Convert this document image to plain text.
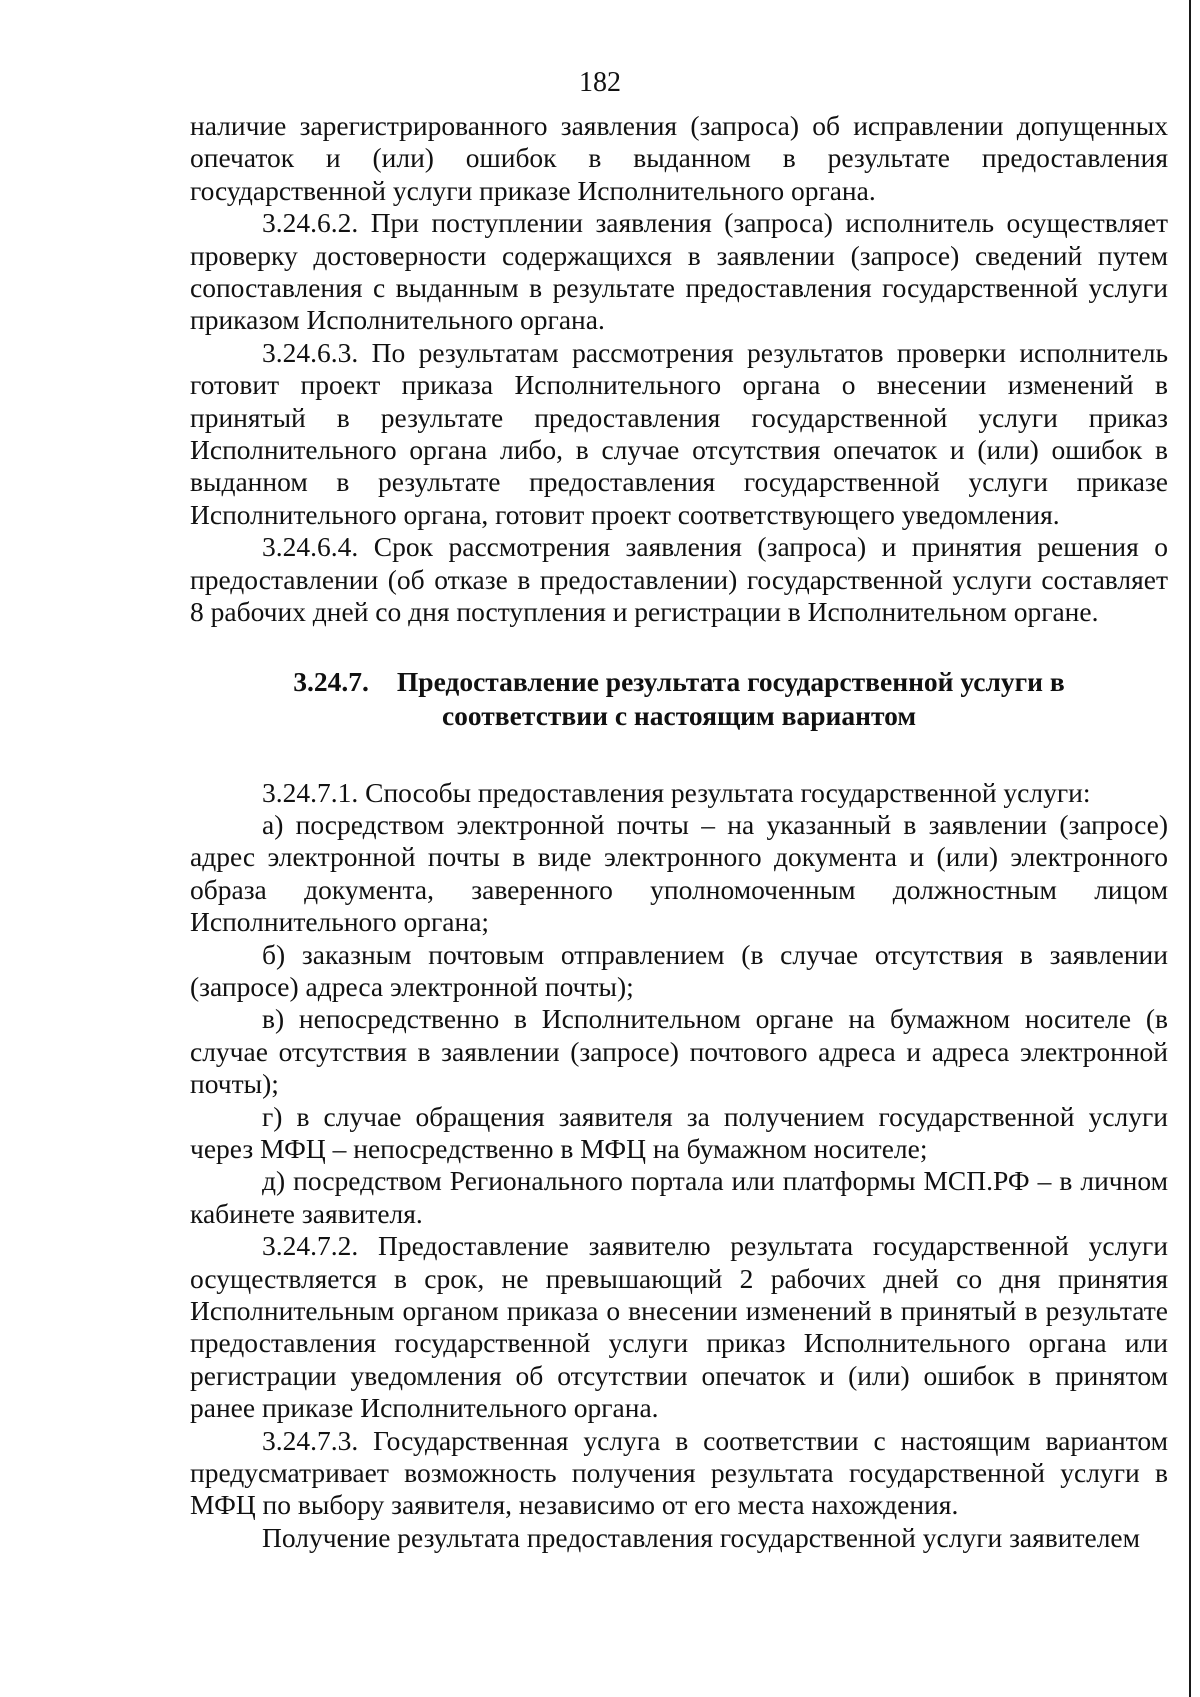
182

наличие зарегистрированного заявления (запроса) об исправлении допущенных опечаток и (или) ошибок в выданном в результате предоставления государственной услуги приказе Исполнительного органа.

3.24.6.2. При поступлении заявления (запроса) исполнитель осуществляет проверку достоверности содержащихся в заявлении (запросе) сведений путем сопоставления с выданным в результате предоставления государственной услуги приказом Исполнительного органа.

3.24.6.3. По результатам рассмотрения результатов проверки исполнитель готовит проект приказа Исполнительного органа о внесении изменений в принятый в результате предоставления государственной услуги приказ Исполнительного органа либо, в случае отсутствия опечаток и (или) ошибок в выданном в результате предоставления государственной услуги приказе Исполнительного органа, готовит проект соответствующего уведомления.

3.24.6.4. Срок рассмотрения заявления (запроса) и принятия решения о предоставлении (об отказе в предоставлении) государственной услуги составляет 8 рабочих дней со дня поступления и регистрации в Исполнительном органе.

3.24.7. Предоставление результата государственной услуги в
соответствии с настоящим вариантом

3.24.7.1. Способы предоставления результата государственной услуги:

а) посредством электронной почты – на указанный в заявлении (запросе) адрес электронной почты в виде электронного документа и (или) электронного образа документа, заверенного уполномоченным должностным лицом Исполнительного органа;

б) заказным почтовым отправлением (в случае отсутствия в заявлении (запросе) адреса электронной почты);

в) непосредственно в Исполнительном органе на бумажном носителе (в случае отсутствия в заявлении (запросе) почтового адреса и адреса электронной почты);

г) в случае обращения заявителя за получением государственной услуги через МФЦ – непосредственно в МФЦ на бумажном носителе;

д) посредством Регионального портала или платформы МСП.РФ – в личном кабинете заявителя.

3.24.7.2. Предоставление заявителю результата государственной услуги осуществляется в срок, не превышающий 2 рабочих дней со дня принятия Исполнительным органом приказа о внесении изменений в принятый в результате предоставления государственной услуги приказ Исполнительного органа или регистрации уведомления об отсутствии опечаток и (или) ошибок в принятом ранее приказе Исполнительного органа.

3.24.7.3. Государственная услуга в соответствии с настоящим вариантом предусматривает возможность получения результата государственной услуги в МФЦ по выбору заявителя, независимо от его места нахождения.

Получение результата предоставления государственной услуги заявителем
